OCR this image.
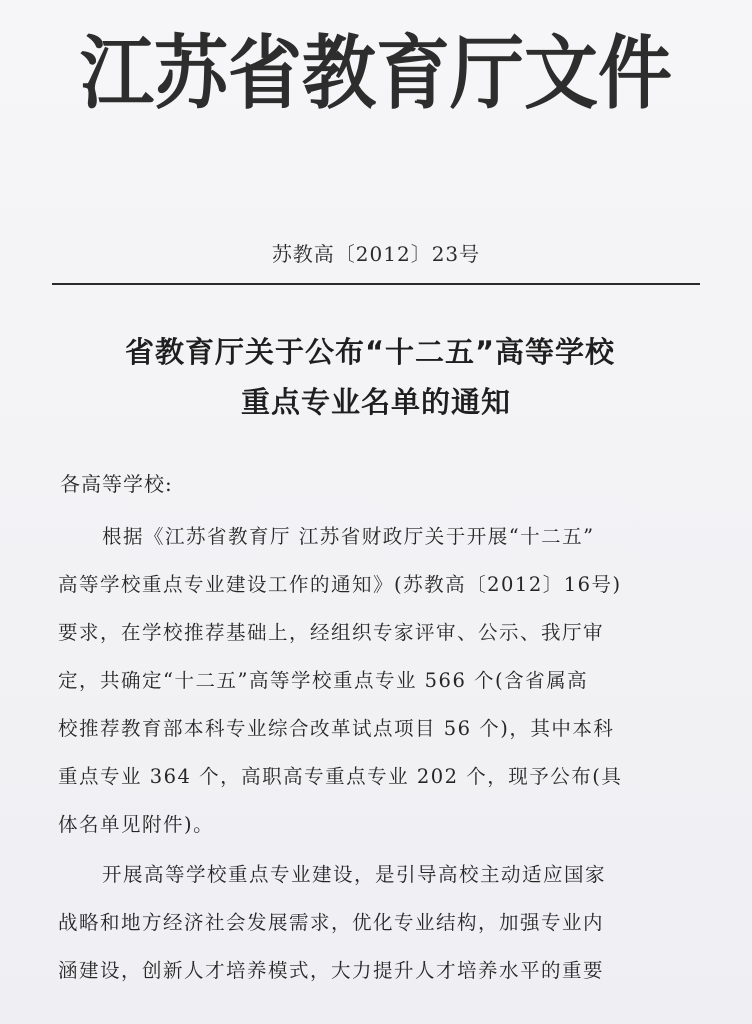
江苏省教育厅文件
苏教高〔2012〕23号
省教育厅关于公布“十二五”高等学校
重点专业名单的通知
各高等学校:
根据《江苏省教育厅 江苏省财政厅关于开展“十二五”
高等学校重点专业建设工作的通知》(苏教高〔2012〕16号)
要求，在学校推荐基础上，经组织专家评审、公示、我厅审
定，共确定“十二五”高等学校重点专业 566 个(含省属高
校推荐教育部本科专业综合改革试点项目 56 个)，其中本科
重点专业 364 个，高职高专重点专业 202 个，现予公布(具
体名单见附件)。
开展高等学校重点专业建设，是引导高校主动适应国家
战略和地方经济社会发展需求，优化专业结构，加强专业内
涵建设，创新人才培养模式，大力提升人才培养水平的重要
